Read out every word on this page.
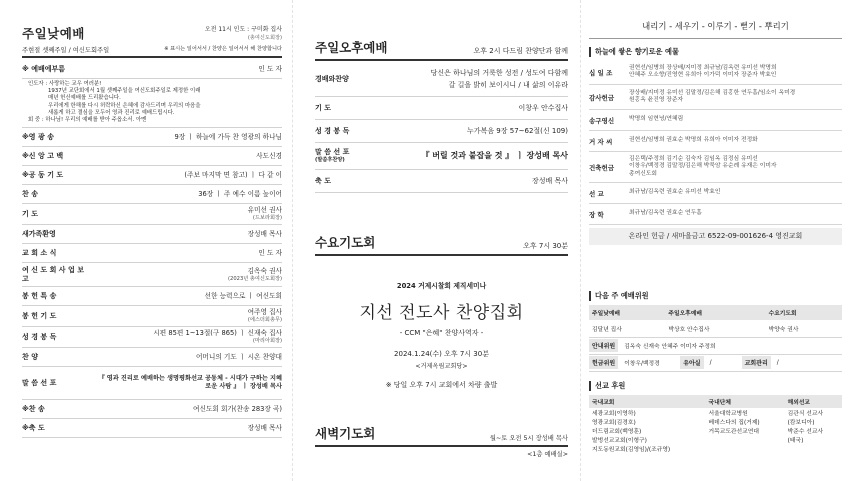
주일낮예배	오전 11시 인도 : 구미화 집사
(총여신도회장)
주현절 셋째주일 / 여신도회주일	※ 표시는 일어서서 / 찬양은 일어서서 해 찬양합니다
※ 예배에부름	인 도 자
인도자 : 사랑하는 교우 여러분!
1937년 교단회에서 1월 셋째주일을 여신도회주일로 제정한 이래
매년 헌신예배를 드리왔습니다.
우리에게 한해를 다시 허락하신 은혜에 감사드리며 우리의 마음을
새롭게 하고 결심을 모두어 영과 진리로 예배드립시다.
회 중 : 하나님! 우리의 예배를 받아 주옵소서. 아멘
※영 광 송	9장 ㅣ 하늘에 가득 찬 영광의 하나님
※신 앙 고 백	사도신경
※공 동 기 도	(주보 마지막 면 참고) ㅣ 다 같 이
찬 송	36장 ㅣ 주 예수 이름 높이어
기 도	유미선 권사
(드보라회장)
새가족환영	장성배 목사
교 회 소 식	인 도 자
여 신 도 회 사 업 보 고
김옥숙 권사
(2023년 총여신도회장)
봉 헌 특 송	선한 능력으로 ㅣ 여신도회
봉 헌 기 도	여주영 집사
(에스더회총무)
성 경 봉 독	시편 85편 1~13절(구 865) ㅣ 신재숙 집사
(마리아회장)
찬 양	어머니의 기도 ㅣ 시온 찬양대
말 씀 선 포
『 영과 진리로 예배하는 생명평화선교 공동체 - 시대가 구하는 지혜로운 사람 』 ㅣ 장성배 목사
※찬 송	여신도회 회가(찬송 283장 곡)
※축 도	장성배 목사
주일오후예배	오후 2시 다드림 찬양단과 함께
경배와찬양
당신은 하나님의 거룩한 성전 / 성도여 다함께
갈 길을 밝히 보이시니 / 내 삶의 이유라
기 도	이창우 안수집사
성 경 봉 독	누가복음 9장 57~62절(신 109)
말 씀 선 포
(말씀후찬양)	『 버릴 것과 붙잡을 것 』 ㅣ 장성배 목사
축 도	장성배 목사
수요기도회	오후 7시 30분
2024 거제시찰회 제직세미나
지선 전도사 찬양집회
- CCM "은혜" 찬양사역자 -
2024.1.24(수) 오후 7시 30분
<거제옥림교회당>
※ 당일 오후 7시 교회에서 차량 출발
새벽기도회	월~토 오전 5시 장성배 목사
<1층 예배실>
내리기 - 세우기 - 이루기 - 뻗기 - 뿌리기
하늘에 쌓은 향기로운 예물
십 일 조
권현선/임병희 장상배/지미정 최규남/김옥련 유미선 박명희
안혜주 오소향/진영현 유희아 이가덕 이미자 장준자 박효인
감사헌금
장상배/지미정 유미선 김말정/김은해 김홍한 연두흠/임소이 옥미경
원홍옥 윤진영 장준자
송구영신	박명희 임현녕/연혜림
거 자 씨	권현선/임병희 권효순 박명희 유희아 이미자 전정화
건축헌금
김은택/주정희 김기순 김숙자 김임옥 김정심 유미선
이창우/백정경 김말정/김은해 박묵암 유순례 유재은 이미자
총여신도회
선 교	최규남/김옥련 권효순 유미선 박효인
장 학	최규남/김옥련 권효순 연두흠
온라인 헌금 / 새마을금고 6522-09-001626-4 영진교회
다음 주 예배위원
주일낮예배	주일오후예배	수요기도회
김달년 집사	박상호 안수집사	박양숙 권사
안내위원	김옥숙 신재숙 안혜주 이미자 주정희
헌금위원	이창우/백정경	유아실	/	교회관리	/
선교 후원
국내교회	국내단체	해외선교
세광교회(이영하)	서울대학교병원	김관식 선교사
영광교회(김경호)	베데스다의 집(거제)	(캄보디아)
더드림교회(백영훈)	거목교도관선교연대	박준수 선교사
발벙선교교회(이형구)		(태국)
지도동원교회(김영임)/(조규영)		
